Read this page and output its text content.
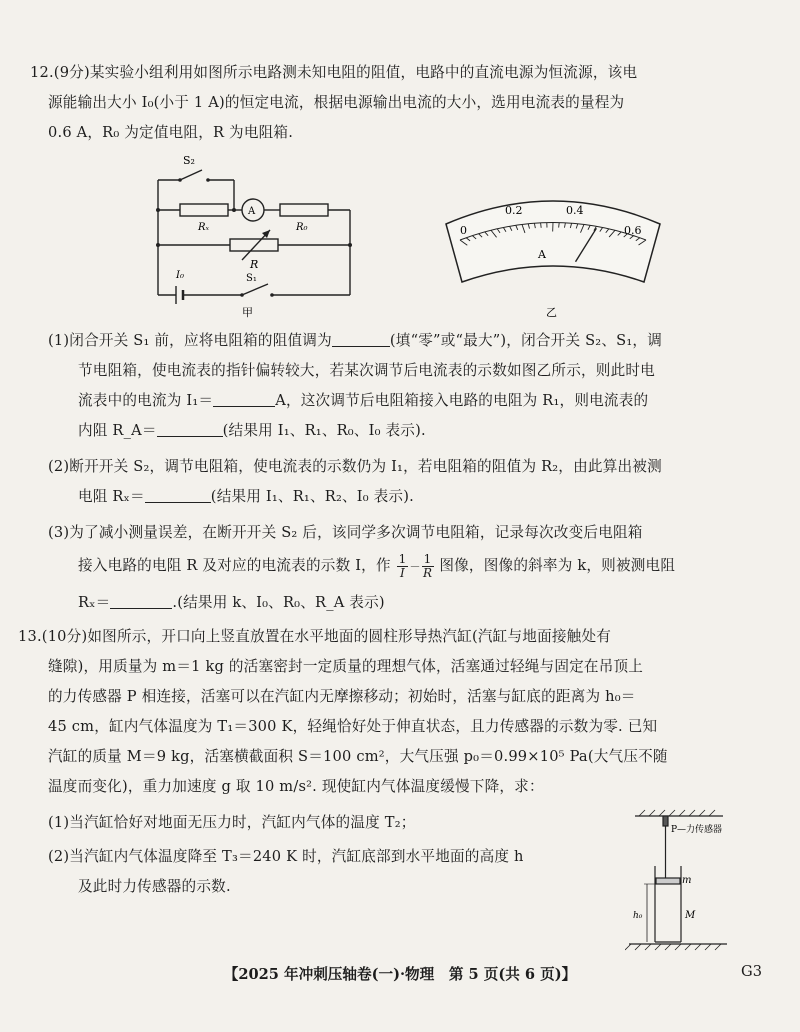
12.(9分)某实验小组利用如图所示电路测未知电阻的阻值，电路中的直流电源为恒流源，该电

源能输出大小 I₀(小于 1 A)的恒定电流，根据电源输出电流的大小，选用电流表的量程为

0.6 A，R₀ 为定值电阻，R 为电阻箱.

S₂
Rₓ
A
R₀
R
I₀	S₁
甲
0
0.2	0.4
0.6
A
乙

(1)闭合开关 S₁ 前，应将电阻箱的阻值调为	(填“零”或“最大”)，闭合开关 S₂、S₁，调

节电阻箱，使电流表的指针偏转较大，若某次调节后电流表的示数如图乙所示，则此时电

流表中的电流为 I₁＝	A，这次调节后电阻箱接入电路的电阻为 R₁，则电流表的

内阻 R_A＝	(结果用 I₁、R₁、R₀、I₀ 表示).

(2)断开开关 S₂，调节电阻箱，使电流表的示数仍为 I₁，若电阻箱的阻值为 R₂，由此算出被测

电阻 Rₓ＝	(结果用 I₁、R₁、R₂、I₀ 表示).

(3)为了减小测量误差，在断开开关 S₂ 后，该同学多次调节电阻箱，记录每次改变后电阻箱

接入电路的电阻 R 及对应的电流表的示数 I，作 $\frac{1}{I} - \frac{1}{R}$ 图像，图像的斜率为 k，则被测电阻

Rₓ＝	.(结果用 k、I₀、R₀、R_A 表示)

13.(10分)如图所示，开口向上竖直放置在水平地面的圆柱形导热汽缸(汽缸与地面接触处有

缝隙)，用质量为 m＝1 kg 的活塞密封一定质量的理想气体，活塞通过轻绳与固定在吊顶上

的力传感器 P 相连接，活塞可以在汽缸内无摩擦移动；初始时，活塞与缸底的距离为 h₀＝

45 cm，缸内气体温度为 T₁＝300 K，轻绳恰好处于伸直状态，且力传感器的示数为零. 已知

汽缸的质量 M＝9 kg，活塞横截面积 S＝100 cm²，大气压强 p₀＝0.99×10⁵ Pa(大气压不随

温度而变化)，重力加速度 g 取 10 m/s². 现使缸内气体温度缓慢下降，求：

(1)当汽缸恰好对地面无压力时，汽缸内气体的温度 T₂；

(2)当汽缸内气体温度降至 T₃＝240 K 时，汽缸底部到水平地面的高度 h

及此时力传感器的示数.

P—力传感器
m
M
h₀
【2025 年冲刺压轴卷(一)·物理　第 5 页(共 6 页)】	G3
